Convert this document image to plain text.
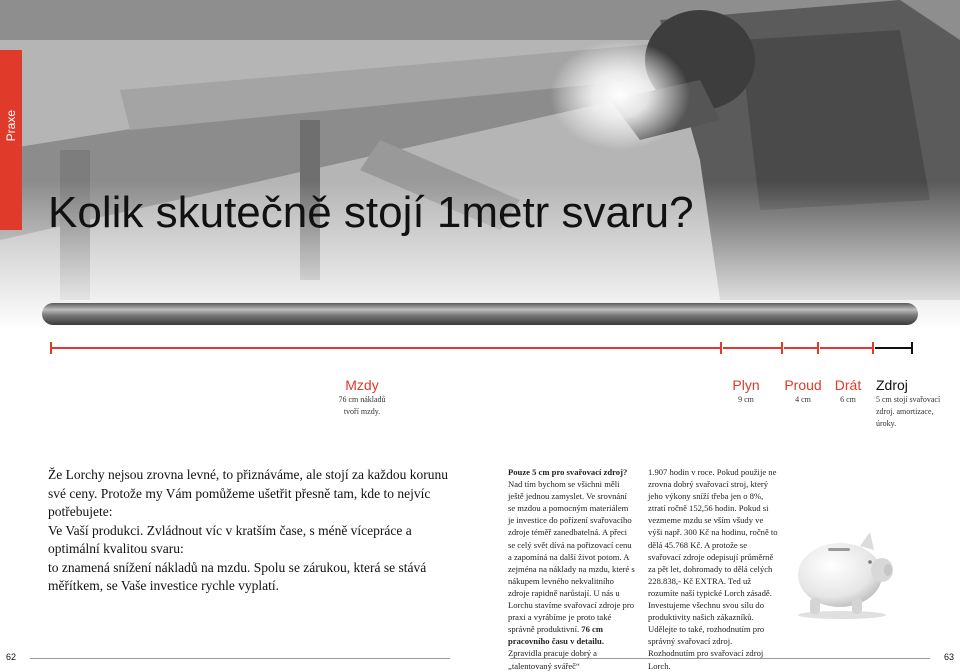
Praxe
Kolik skutečně stojí 1metr svaru?
Mzdy
76 cm nákladů tvoří mzdy.
Plyn
9 cm
Proud
4 cm
Drát
6 cm
Zdroj
5 cm stojí svařovací zdroj. amortizace, úroky.

Že Lorchy nejsou zrovna levné, to přiznáváme, ale stojí za každou korunu své ceny. Protože my Vám pomůžeme ušetřit přesně tam, kde to nejvíc potřebujete:

Ve Vaší produkci. Zvládnout víc v kratším čase, s méně vícepráce a optimální kvalitou svaru:

to znamená snížení nákladů na mzdu. Spolu se zárukou, která se stává měřítkem, se Vaše investice rychle vyplatí.

Pouze 5 cm pro svařovací zdroj?
Nad tím bychom se všichni měli ještě jednou zamyslet. Ve srovnání se mzdou a pomocným materiálem je investice do pořízení svařovacího zdroje téměř zanedbatelná. A přeci se celý svět dívá na pořizovací cenu a zapomíná na další život potom. A zejména na náklady na mzdu, které s nákupem levného nekvalitního zdroje rapidně narůstají. U nás u Lorchu stavíme svařovací zdroje pro praxi a vyrábíme je proto také správně produktivní. 76 cm pracovního času v detailu. Zpravidla pracuje dobrý a „talentovaný svářeč“
1.907 hodin v roce. Pokud použije ne zrovna dobrý svařovací stroj, který jeho výkony sníží třeba jen o 8%, ztratí ročně 152,56 hodin. Pokud si vezmeme mzdu se vším všudy ve výši např. 300 Kč na hodinu, ročně to dělá 45.768 Kč. A protože se svařovací zdroje odepisují průměrně za pět let, dohromady to dělá celých 228.838,- Kč EXTRA. Ted už rozumíte naší typické Lorch zásadě. Investujeme všechnu svou sílu do produktivity našich zákazníků. Udělejte to také, rozhodnutím pro správný svařovací zdroj. Rozhodnutím pro svařovací zdroj Lorch.
62	63
